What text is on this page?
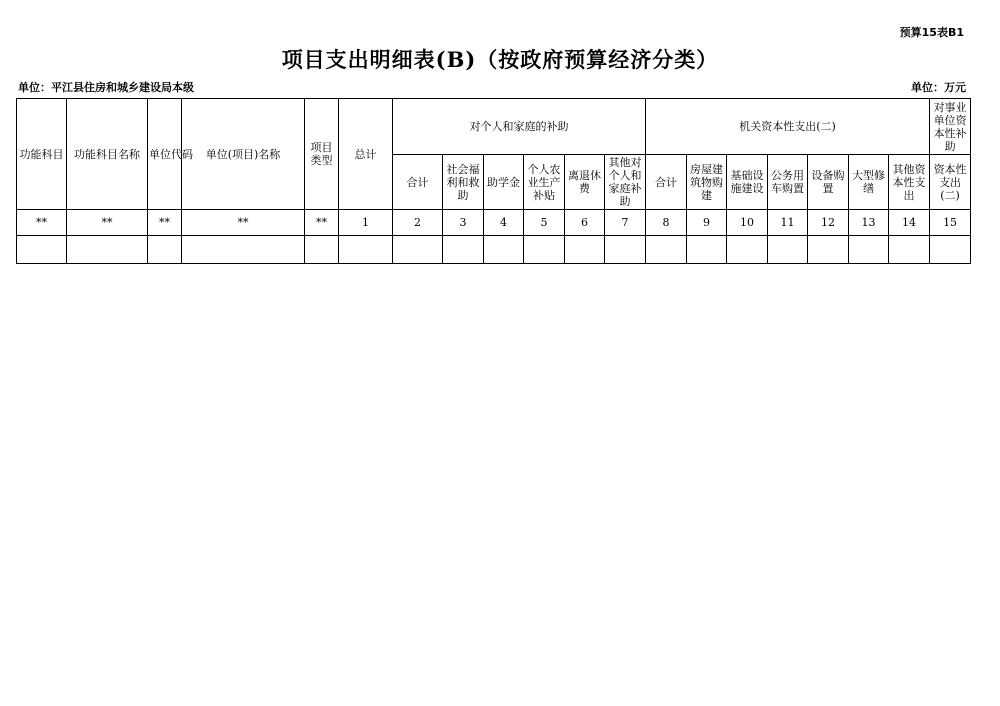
预算15表B1
项目支出明细表(B)（按政府预算经济分类）
单位：平江县住房和城乡建设局本级	单位：万元
功能科目	功能科目名称	单位代码	单位(项目)名称	项目类型	总计	对个人和家庭的补助						机关资本性支出(二)							对事业单位资本性补助
						合计	社会福利和救助	助学金	个人农业生产补贴	离退休费	其他对个人和家庭补助	合计	房屋建筑物购建	基础设施建设	公务用车购置	设备购置	大型修缮	其他资本性支出	资本性支出(二)
**	**	**	**	**	1	2	3	4	5	6	7	8	9	10	11	12	13	14	15
